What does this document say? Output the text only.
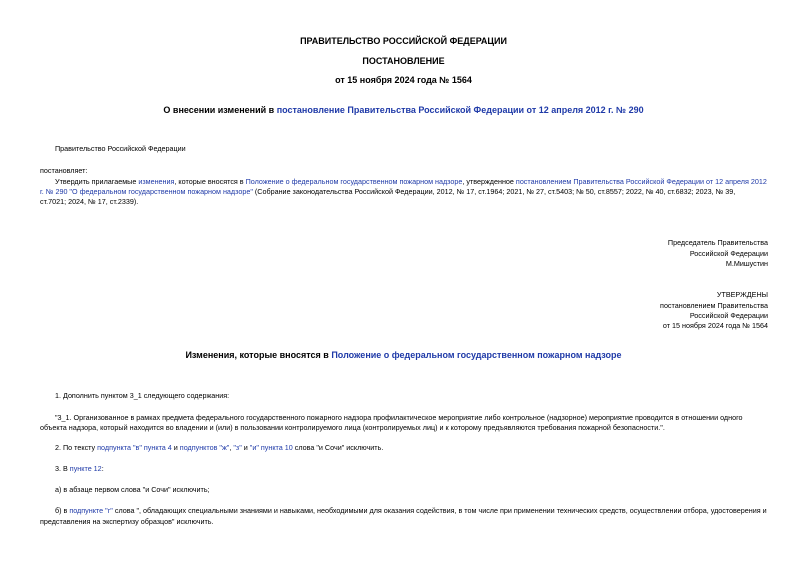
ПРАВИТЕЛЬСТВО РОССИЙСКОЙ ФЕДЕРАЦИИ
ПОСТАНОВЛЕНИЕ
от 15 ноября 2024 года № 1564
О внесении изменений в постановление Правительства Российской Федерации от 12 апреля 2012 г. № 290
Правительство Российской Федерации
постановляет:
Утвердить прилагаемые изменения, которые вносятся в Положение о федеральном государственном пожарном надзоре, утвержденное постановлением Правительства Российской Федерации от 12 апреля 2012
г. № 290 "О федеральном государственном пожарном надзоре" (Собрание законодательства Российской Федерации, 2012, № 17, ст.1964; 2021, № 27, ст.5403; № 50, ст.8557; 2022, № 40, ст.6832; 2023, № 39,
ст.7021; 2024, № 17, ст.2339).
Председатель Правительства
Российской Федерации
М.Мишустин
УТВЕРЖДЕНЫ
постановлением Правительства
Российской Федерации
от 15 ноября 2024 года № 1564
Изменения, которые вносятся в Положение о федеральном государственном пожарном надзоре
1. Дополнить пунктом 3_1 следующего содержания:
"3_1. Организованное в рамках предмета федерального государственного пожарного надзора профилактическое мероприятие либо контрольное (надзорное) мероприятие проводится в отношении одного
объекта надзора, который находится во владении и (или) в пользовании контролируемого лица (контролируемых лиц) и к которому предъявляются требования пожарной безопасности.".
2. По тексту подпункта "в" пункта 4 и подпунктов "ж", "з" и "и" пункта 10 слова "и Сочи" исключить.
3. В пункте 12:
а) в абзаце первом слова "и Сочи" исключить;
б) в подпункте "г" слова ", обладающих специальными знаниями и навыками, необходимыми для оказания содействия, в том числе при применении технических средств, осуществлении отбора, удостоверения и
представления на экспертизу образцов" исключить.
